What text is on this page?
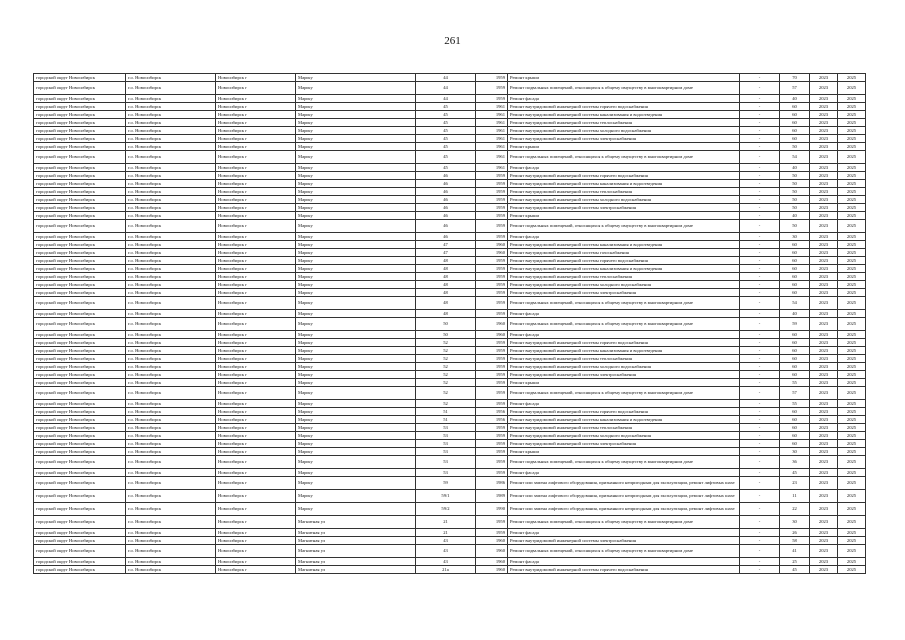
261
городской округ Новосибирск	г.о. Новосибирск	Новосибирск г	Марьчу	44	1959	Ремонт крыши	-	70	2023	2025
городской округ Новосибирск	г.о. Новосибирск	Новосибирск г	Марьчу	44	1959	Ремонт подвальных помещений, относящихся к общему имуществу в многоквартирном доме	-	57	2023	2025
городской округ Новосибирск	г.о. Новосибирск	Новосибирск г	Марьчу	44	1959	Ремонт фасада	-	40	2023	2025
городской округ Новосибирск	г.о. Новосибирск	Новосибирск г	Марьчу	45	1961	Ремонт внутридомовой инженерной системы горячего водоснабжения	-	60	2023	2025
городской округ Новосибирск	г.о. Новосибирск	Новосибирск г	Марьчу	45	1961	Ремонт внутридомовой инженерной системы канализования и водоотведения	-	60	2023	2025
городской округ Новосибирск	г.о. Новосибирск	Новосибирск г	Марьчу	45	1961	Ремонт внутридомовой инженерной системы теплоснабжения	-	60	2023	2025
городской округ Новосибирск	г.о. Новосибирск	Новосибирск г	Марьчу	45	1961	Ремонт внутридомовой инженерной системы холодного водоснабжения	-	60	2023	2025
городской округ Новосибирск	г.о. Новосибирск	Новосибирск г	Марьчу	45	1961	Ремонт внутридомовой инженерной системы электроснабжения	-	60	2023	2025
городской округ Новосибирск	г.о. Новосибирск	Новосибирск г	Марьчу	45	1961	Ремонт крыши	-	50	2023	2025
городской округ Новосибирск	г.о. Новосибирск	Новосибирск г	Марьчу	45	1961	Ремонт подвальных помещений, относящихся к общему имуществу в многоквартирном доме	-	54	2023	2025
городской округ Новосибирск	г.о. Новосибирск	Новосибирск г	Марьчу	45	1961	Ремонт фасада	-	40	2023	2025
городской округ Новосибирск	г.о. Новосибирск	Новосибирск г	Марьчу	46	1959	Ремонт внутридомовой инженерной системы горячего водоснабжения	-	50	2023	2025
городской округ Новосибирск	г.о. Новосибирск	Новосибирск г	Марьчу	46	1959	Ремонт внутридомовой инженерной системы канализования и водоотведения	-	50	2023	2025
городской округ Новосибирск	г.о. Новосибирск	Новосибирск г	Марьчу	46	1959	Ремонт внутридомовой инженерной системы теплоснабжения	-	50	2023	2025
городской округ Новосибирск	г.о. Новосибирск	Новосибирск г	Марьчу	46	1959	Ремонт внутридомовой инженерной системы холодного водоснабжения	-	50	2023	2025
городской округ Новосибирск	г.о. Новосибирск	Новосибирск г	Марьчу	46	1959	Ремонт внутридомовой инженерной системы электроснабжения	-	50	2023	2025
городской округ Новосибирск	г.о. Новосибирск	Новосибирск г	Марьчу	46	1959	Ремонт крыши	-	40	2023	2025
городской округ Новосибирск	г.о. Новосибирск	Новосибирск г	Марьчу	46	1959	Ремонт подвальных помещений, относящихся к общему имуществу в многоквартирном доме	-	50	2023	2025
городской округ Новосибирск	г.о. Новосибирск	Новосибирск г	Марьчу	46	1959	Ремонт фасада	-	30	2023	2025
городской округ Новосибирск	г.о. Новосибирск	Новосибирск г	Марьчу	47	1960	Ремонт внутридомовой инженерной системы канализования и водоотведения	-	60	2023	2025
городской округ Новосибирск	г.о. Новосибирск	Новосибирск г	Марьчу	47	1960	Ремонт внутридомовой инженерной системы газоснабжения	-	60	2023	2025
городской округ Новосибирск	г.о. Новосибирск	Новосибирск г	Марьчу	48	1959	Ремонт внутридомовой инженерной системы горячего водоснабжения	-	60	2023	2025
городской округ Новосибирск	г.о. Новосибирск	Новосибирск г	Марьчу	48	1959	Ремонт внутридомовой инженерной системы канализования и водоотведения	-	60	2023	2025
городской округ Новосибирск	г.о. Новосибирск	Новосибирск г	Марьчу	48	1959	Ремонт внутридомовой инженерной системы теплоснабжения	-	60	2023	2025
городской округ Новосибирск	г.о. Новосибирск	Новосибирск г	Марьчу	48	1959	Ремонт внутридомовой инженерной системы холодного водоснабжения	-	60	2023	2025
городской округ Новосибирск	г.о. Новосибирск	Новосибирск г	Марьчу	48	1959	Ремонт внутридомовой инженерной системы электроснабжения	-	60	2023	2025
городской округ Новосибирск	г.о. Новосибирск	Новосибирск г	Марьчу	48	1959	Ремонт подвальных помещений, относящихся к общему имуществу в многоквартирном доме	-	54	2023	2025
городской округ Новосибирск	г.о. Новосибирск	Новосибирск г	Марьчу	48	1959	Ремонт фасада	-	40	2023	2025
городской округ Новосибирск	г.о. Новосибирск	Новосибирск г	Марьчу	50	1960	Ремонт подвальных помещений, относящихся к общему имуществу в многоквартирном доме	-	59	2023	2025
городской округ Новосибирск	г.о. Новосибирск	Новосибирск г	Марьчу	50	1960	Ремонт фасада	-	60	2023	2025
городской округ Новосибирск	г.о. Новосибирск	Новосибирск г	Марьчу	52	1959	Ремонт внутридомовой инженерной системы горячего водоснабжения	-	60	2023	2025
городской округ Новосибирск	г.о. Новосибирск	Новосибирск г	Марьчу	52	1959	Ремонт внутридомовой инженерной системы канализования и водоотведения	-	60	2023	2025
городской округ Новосибирск	г.о. Новосибирск	Новосибирск г	Марьчу	52	1959	Ремонт внутридомовой инженерной системы теплоснабжения	-	60	2023	2025
городской округ Новосибирск	г.о. Новосибирск	Новосибирск г	Марьчу	52	1959	Ремонт внутридомовой инженерной системы холодного водоснабжения	-	60	2023	2025
городской округ Новосибирск	г.о. Новосибирск	Новосибирск г	Марьчу	52	1959	Ремонт внутридомовой инженерной системы электроснабжения	-	60	2023	2025
городской округ Новосибирск	г.о. Новосибирск	Новосибирск г	Марьчу	52	1959	Ремонт крыши	-	55	2023	2025
городской округ Новосибирск	г.о. Новосибирск	Новосибирск г	Марьчу	52	1959	Ремонт подвальных помещений, относящихся к общему имуществу в многоквартирном доме	-	57	2023	2025
городской округ Новосибирск	г.о. Новосибирск	Новосибирск г	Марьчу	52	1959	Ремонт фасада	-	55	2023	2025
городской округ Новосибирск	г.о. Новосибирск	Новосибирск г	Марьчу	51	1956	Ремонт внутридомовой инженерной системы горячего водоснабжения	-	60	2023	2025
городской округ Новосибирск	г.о. Новосибирск	Новосибирск г	Марьчу	51	1956	Ремонт внутридомовой инженерной системы канализования и водоотведения	-	60	2023	2025
городской округ Новосибирск	г.о. Новосибирск	Новосибирск г	Марьчу	53	1959	Ремонт внутридомовой инженерной системы теплоснабжения	-	60	2023	2025
городской округ Новосибирск	г.о. Новосибирск	Новосибирск г	Марьчу	53	1959	Ремонт внутридомовой инженерной системы холодного водоснабжения	-	60	2023	2025
городской округ Новосибирск	г.о. Новосибирск	Новосибирск г	Марьчу	53	1959	Ремонт внутридомовой инженерной системы электроснабжения	-	60	2023	2025
городской округ Новосибирск	г.о. Новосибирск	Новосибирск г	Марьчу	53	1959	Ремонт крыши	-	30	2023	2025
городской округ Новосибирск	г.о. Новосибирск	Новосибирск г	Марьчу	53	1959	Ремонт подвальных помещений, относящихся к общему имуществу в многоквартирном доме	-	36	2023	2025
городской округ Новосибирск	г.о. Новосибирск	Новосибирск г	Марьчу	53	1959	Ремонт фасада	-	45	2023	2025
городской округ Новосибирск	г.о. Новосибирск	Новосибирск г	Марьчу	59	1986	Ремонт или замена лифтового оборудования, признанного непригодным для эксплуатации, ремонт лифтовых шахт	-	23	2023	2025
городской округ Новосибирск	г.о. Новосибирск	Новосибирск г	Марьчу	59/1	1989	Ремонт или замена лифтового оборудования, признанного непригодным для эксплуатации, ремонт лифтовых шахт	-	11	2023	2025
городской округ Новосибирск	г.о. Новосибирск	Новосибирск г	Марьчу	59/2	1990	Ремонт или замена лифтового оборудования, признанного непригодным для эксплуатации, ремонт лифтовых шахт	-	22	2023	2025
городской округ Новосибирск	г.о. Новосибирск	Новосибирск г	Магнитная ул	21	1959	Ремонт подвальных помещений, относящихся к общему имуществу в многоквартирном доме	-	30	2023	2025
городской округ Новосибирск	г.о. Новосибирск	Новосибирск г	Магнитная ул	21	1959	Ремонт фасада	-	26	2023	2025
городской округ Новосибирск	г.о. Новосибирск	Новосибирск г	Магнитная ул	43	1960	Ремонт внутридомовой инженерной системы электроснабжения	-	58	2023	2025
городской округ Новосибирск	г.о. Новосибирск	Новосибирск г	Магнитная ул	43	1960	Ремонт подвальных помещений, относящихся к общему имуществу в многоквартирном доме	-	41	2023	2025
городской округ Новосибирск	г.о. Новосибирск	Новосибирск г	Магнитная ул	43	1960	Ремонт фасада	-	25	2023	2025
городской округ Новосибирск	г.о. Новосибирск	Новосибирск г	Магнитная ул	21а	1960	Ремонт внутридомовой инженерной системы горячего водоснабжения	-	45	2023	2025
